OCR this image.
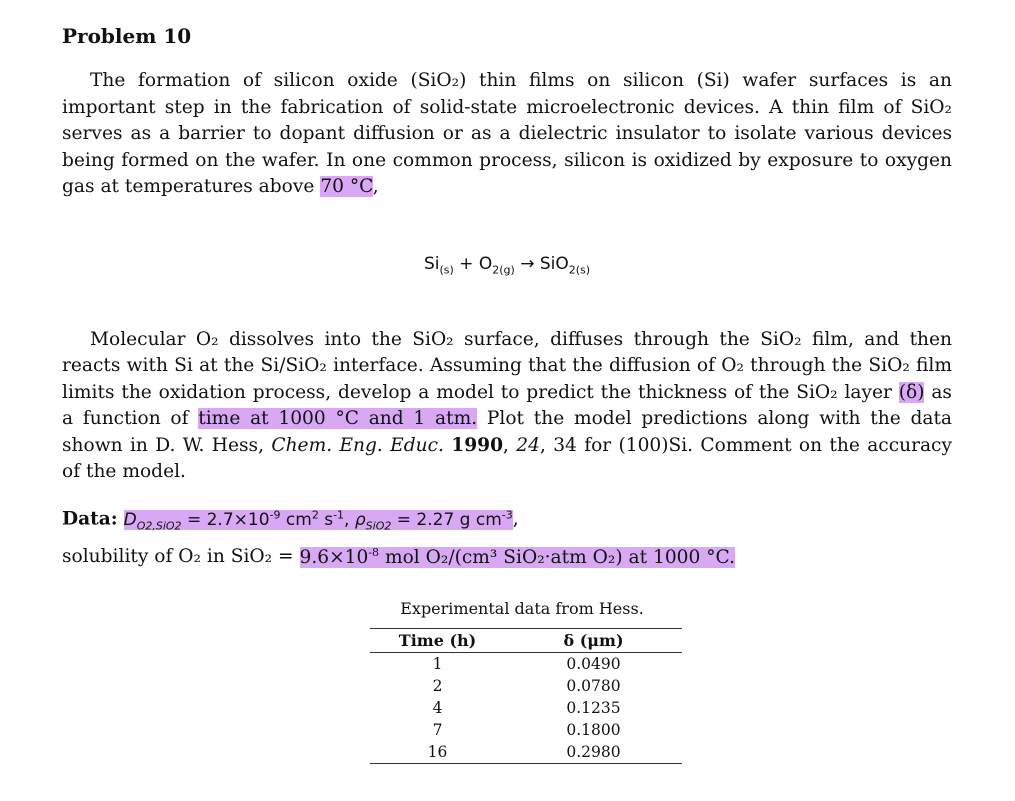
Problem 10

The formation of silicon oxide (SiO₂) thin films on silicon (Si) wafer surfaces is an important step in the fabrication of solid-state microelectronic devices. A thin film of SiO₂ serves as a barrier to dopant diffusion or as a dielectric insulator to isolate various devices being formed on the wafer. In one common process, silicon is oxidized by exposure to oxygen gas at temperatures above 70 °C,

$Si_{(s)} + O_{2(g)} \to SiO_{2(s)}$

Molecular O₂ dissolves into the SiO₂ surface, diffuses through the SiO₂ film, and then reacts with Si at the Si/SiO₂ interface. Assuming that the diffusion of O₂ through the SiO₂ film limits the oxidation process, develop a model to predict the thickness of the SiO₂ layer (δ) as a function of time at 1000 °C and 1 atm. Plot the model predictions along with the data shown in D. W. Hess, Chem. Eng. Educ. 1990, 24, 34 for (100)Si. Comment on the accuracy of the model.

Data: $D_{O2,SiO2} = 2.7\times 10^{-9}$ $cm^2$ $s^{-1}$, $\rho_{SiO2} = 2.27$ g $cm^{-3}$,
solubility of O₂ in $SiO_2 = 9.6\times 10^{-8}$ mol O₂/(cm³ SiO₂·atm O₂) at 1000 °C.
Experimental data from Hess.
Time (h)	δ (μm)
1	0.0490
2	0.0780
4	0.1235
7	0.1800
16	0.2980
